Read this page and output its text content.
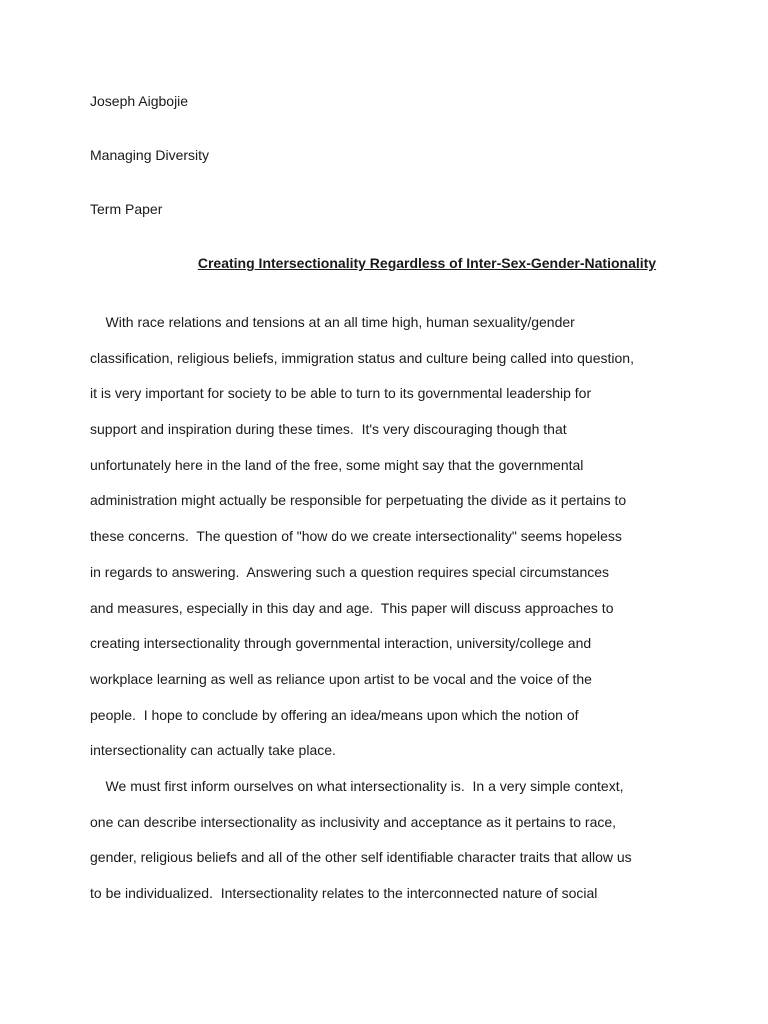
Joseph Aigbojie

Managing Diversity

Term Paper

Creating Intersectionality Regardless of Inter-Sex-Gender-Nationality
With race relations and tensions at an all time high, human sexuality/gender
classification, religious beliefs, immigration status and culture being called into question,
it is very important for society to be able to turn to its governmental leadership for
support and inspiration during these times.  It's very discouraging though that
unfortunately here in the land of the free, some might say that the governmental
administration might actually be responsible for perpetuating the divide as it pertains to
these concerns.  The question of "how do we create intersectionality" seems hopeless
in regards to answering.  Answering such a question requires special circumstances
and measures, especially in this day and age.  This paper will discuss approaches to
creating intersectionality through governmental interaction, university/college and
workplace learning as well as reliance upon artist to be vocal and the voice of the
people.  I hope to conclude by offering an idea/means upon which the notion of
intersectionality can actually take place.
We must first inform ourselves on what intersectionality is.  In a very simple context,
one can describe intersectionality as inclusivity and acceptance as it pertains to race,
gender, religious beliefs and all of the other self identifiable character traits that allow us
to be individualized.  Intersectionality relates to the interconnected nature of social
